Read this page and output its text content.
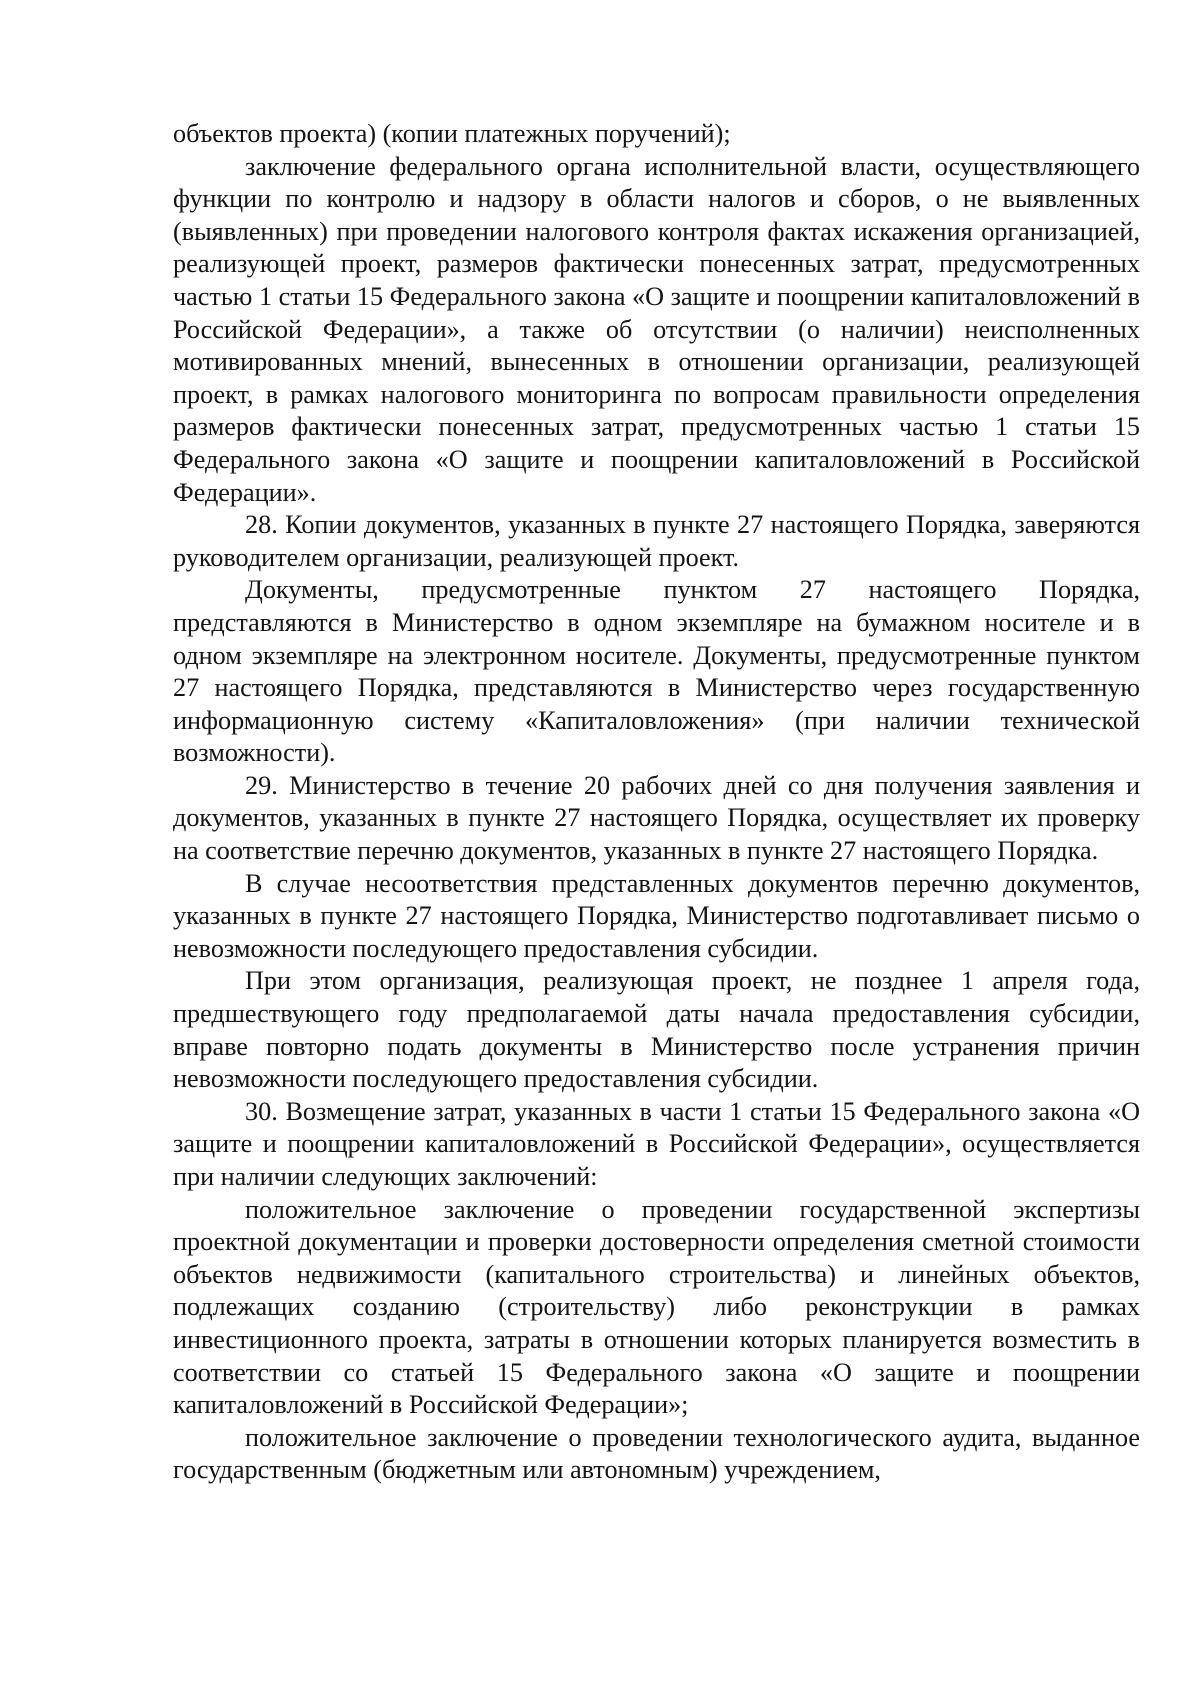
объектов проекта) (копии платежных поручений);

заключение федерального органа исполнительной власти, осуществляющего функции по контролю и надзору в области налогов и сборов, о не выявленных (выявленных) при проведении налогового контроля фактах искажения организацией, реализующей проект, размеров фактически понесенных затрат, предусмотренных частью 1 статьи 15 Федерального закона «О защите и поощрении капиталовложений в Российской Федерации», а также об отсутствии (о наличии) неисполненных мотивированных мнений, вынесенных в отношении организации, реализующей проект, в рамках налогового мониторинга по вопросам правильности определения размеров фактически понесенных затрат, предусмотренных частью 1 статьи 15 Федерального закона «О защите и поощрении капиталовложений в Российской Федерации».

28. Копии документов, указанных в пункте 27 настоящего Порядка, заверяются руководителем организации, реализующей проект.

Документы, предусмотренные пунктом 27 настоящего Порядка, представляются в Министерство в одном экземпляре на бумажном носителе и в одном экземпляре на электронном носителе. Документы, предусмотренные пунктом 27 настоящего Порядка, представляются в Министерство через государственную информационную систему «Капиталовложения» (при наличии технической возможности).

29. Министерство в течение 20 рабочих дней со дня получения заявления и документов, указанных в пункте 27 настоящего Порядка, осуществляет их проверку на соответствие перечню документов, указанных в пункте 27 настоящего Порядка.

В случае несоответствия представленных документов перечню документов, указанных в пункте 27 настоящего Порядка, Министерство подготавливает письмо о невозможности последующего предоставления субсидии.

При этом организация, реализующая проект, не позднее 1 апреля года, предшествующего году предполагаемой даты начала предоставления субсидии, вправе повторно подать документы в Министерство после устранения причин невозможности последующего предоставления субсидии.

30. Возмещение затрат, указанных в части 1 статьи 15 Федерального закона «О защите и поощрении капиталовложений в Российской Федерации», осуществляется при наличии следующих заключений:

положительное заключение о проведении государственной экспертизы проектной документации и проверки достоверности определения сметной стоимости объектов недвижимости (капитального строительства) и линейных объектов, подлежащих созданию (строительству) либо реконструкции в рамках инвестиционного проекта, затраты в отношении которых планируется возместить в соответствии со статьей 15 Федерального закона «О защите и поощрении капиталовложений в Российской Федерации»;

положительное заключение о проведении технологического аудита, выданное государственным (бюджетным или автономным) учреждением,
